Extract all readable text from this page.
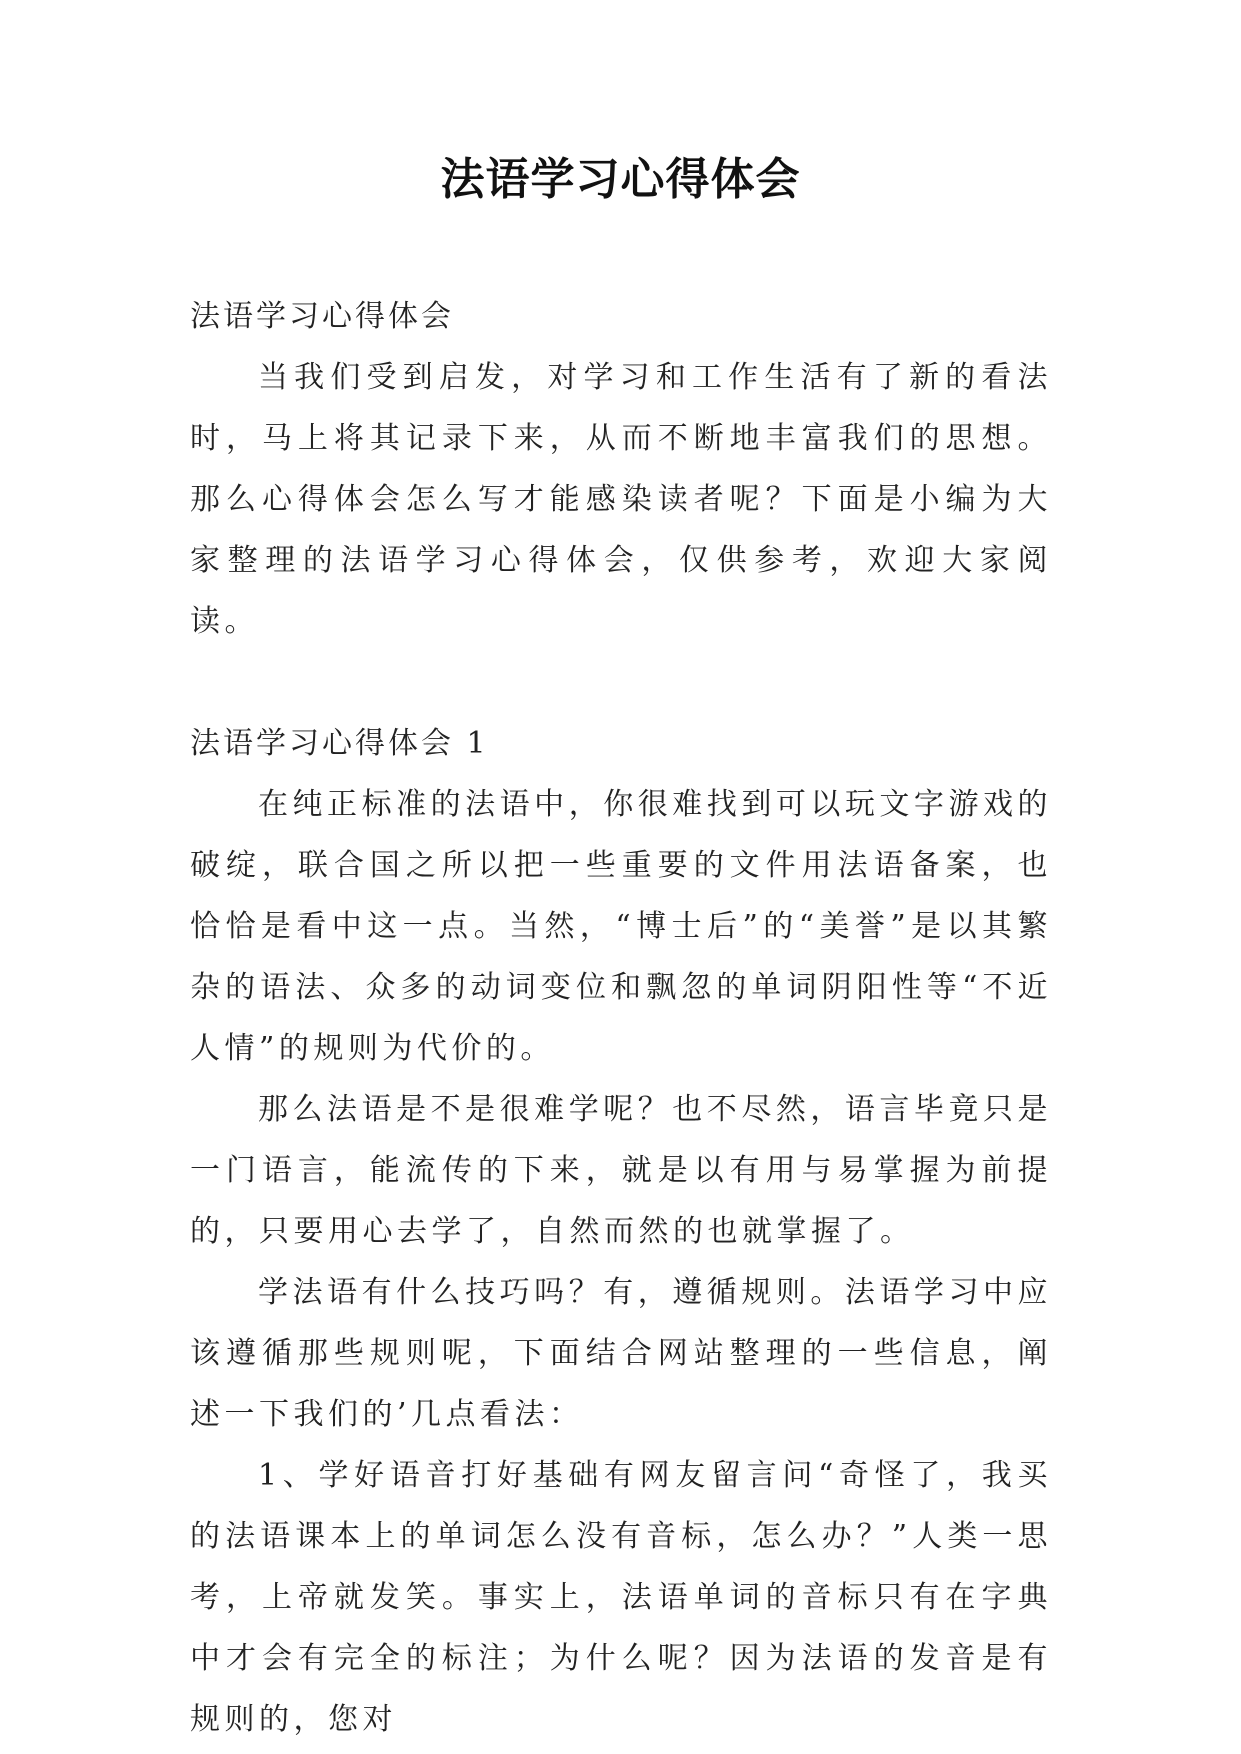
法语学习心得体会

法语学习心得体会

当我们受到启发，对学习和工作生活有了新的看法时，马上将其记录下来，从而不断地丰富我们的思想。那么心得体会怎么写才能感染读者呢？下面是小编为大家整理的法语学习心得体会，仅供参考，欢迎大家阅读。

法语学习心得体会 1

在纯正标准的法语中，你很难找到可以玩文字游戏的破绽，联合国之所以把一些重要的文件用法语备案，也恰恰是看中这一点。当然，“博士后”的“美誉”是以其繁杂的语法、众多的动词变位和飘忽的单词阴阳性等“不近人情”的规则为代价的。

那么法语是不是很难学呢？也不尽然，语言毕竟只是一门语言，能流传的下来，就是以有用与易掌握为前提的，只要用心去学了，自然而然的也就掌握了。

学法语有什么技巧吗？有，遵循规则。法语学习中应该遵循那些规则呢，下面结合网站整理的一些信息，阐述一下我们的’几点看法：

1、学好语音打好基础有网友留言问“奇怪了，我买的法语课本上的单词怎么没有音标，怎么办？”人类一思考，上帝就发笑。事实上，法语单词的音标只有在字典中才会有完全的标注；为什么呢？因为法语的发音是有规则的，您对
